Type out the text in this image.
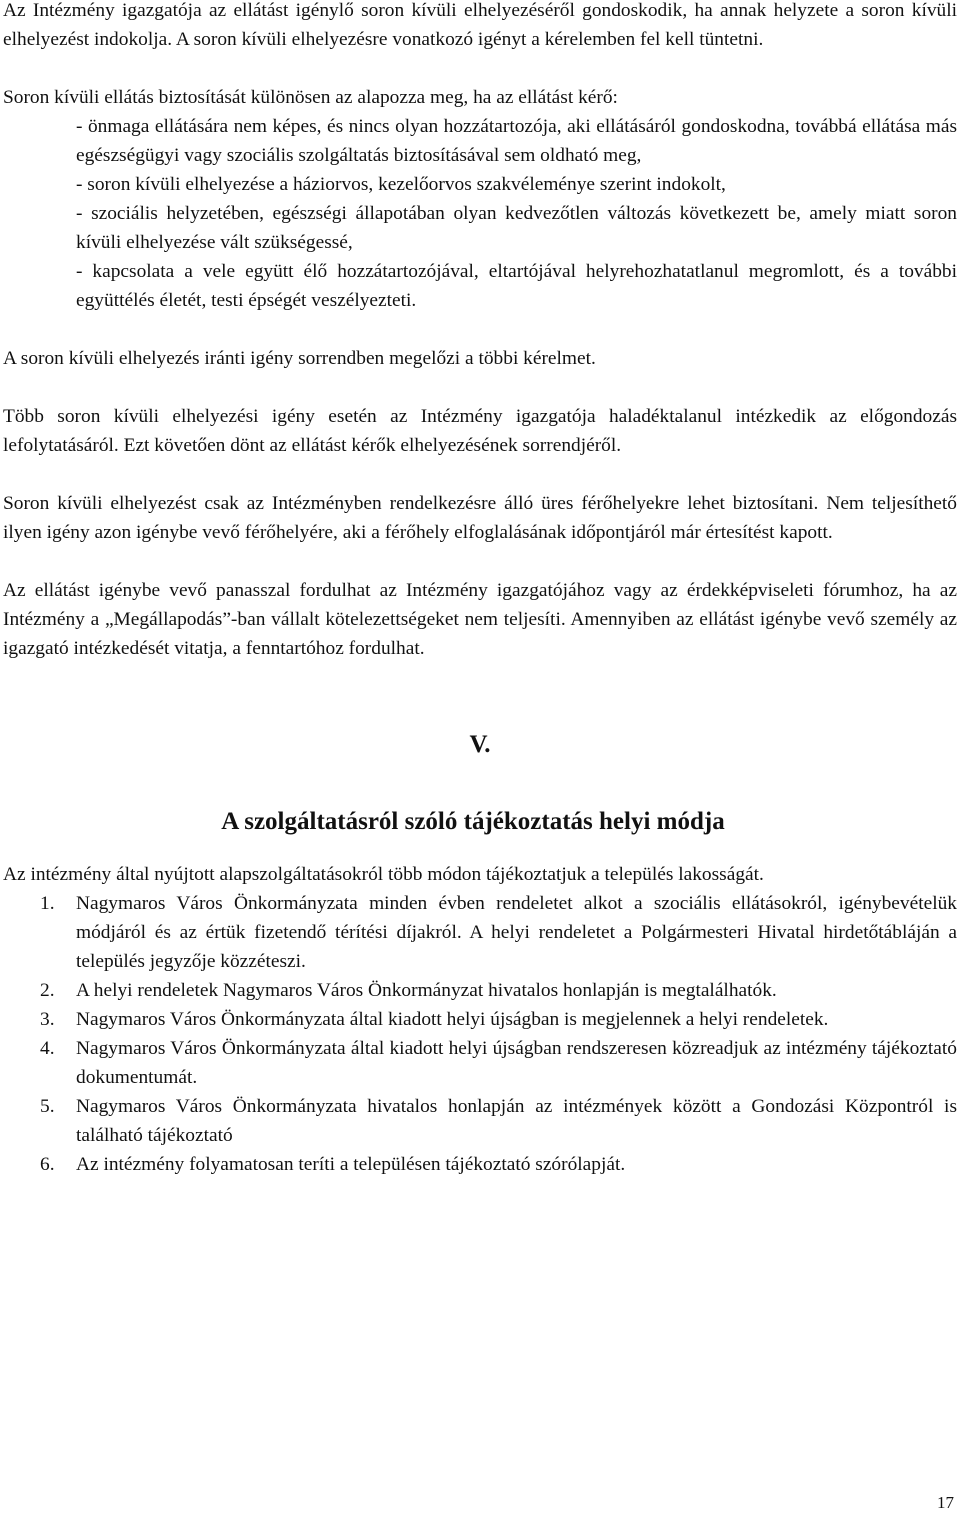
Az Intézmény igazgatója az ellátást igénylő soron kívüli elhelyezéséről gondoskodik, ha annak helyzete a soron kívüli elhelyezést indokolja. A soron kívüli elhelyezésre vonatkozó igényt a kérelemben fel kell tüntetni.

Soron kívüli ellátás biztosítását különösen az alapozza meg, ha az ellátást kérő:

- önmaga ellátására nem képes, és nincs olyan hozzátartozója, aki ellátásáról gondoskodna, továbbá ellátása más egészségügyi vagy szociális szolgáltatás biztosításával sem oldható meg,
- soron kívüli elhelyezése a háziorvos, kezelőorvos szakvéleménye szerint indokolt,
- szociális helyzetében, egészségi állapotában olyan kedvezőtlen változás következett be, amely miatt soron kívüli elhelyezése vált szükségessé,
- kapcsolata a vele együtt élő hozzátartozójával, eltartójával helyrehozhatatlanul megromlott, és a további együttélés életét, testi épségét veszélyezteti.

A soron kívüli elhelyezés iránti igény sorrendben megelőzi a többi kérelmet.

Több soron kívüli elhelyezési igény esetén az Intézmény igazgatója haladéktalanul intézkedik az előgondozás lefolytatásáról. Ezt követően dönt az ellátást kérők elhelyezésének sorrendjéről.

Soron kívüli elhelyezést csak az Intézményben rendelkezésre álló üres férőhelyekre lehet biztosítani. Nem teljesíthető ilyen igény azon igénybe vevő férőhelyére, aki a férőhely elfoglalásának időpontjáról már értesítést kapott.

Az ellátást igénybe vevő panasszal fordulhat az Intézmény igazgatójához vagy az érdekképviseleti fórumhoz, ha az Intézmény a „Megállapodás”-ban vállalt kötelezettségeket nem teljesíti. Amennyiben az ellátást igénybe vevő személy az igazgató intézkedését vitatja, a fenntartóhoz fordulhat.

V.
A szolgáltatásról szóló tájékoztatás helyi módja

Az intézmény által nyújtott alapszolgáltatásokról több módon tájékoztatjuk a település lakosságát.

1. Nagymaros Város Önkormányzata minden évben rendeletet alkot a szociális ellátásokról, igénybevételük módjáról és az értük fizetendő térítési díjakról. A helyi rendeletet a Polgármesteri Hivatal hirdetőtábláján a település jegyzője közzéteszi.
2. A helyi rendeletek Nagymaros Város Önkormányzat hivatalos honlapján is megtalálhatók.
3. Nagymaros Város Önkormányzata által kiadott helyi újságban is megjelennek a helyi rendeletek.
4. Nagymaros Város Önkormányzata által kiadott helyi újságban rendszeresen közreadjuk az intézmény tájékoztató dokumentumát.
5. Nagymaros Város Önkormányzata hivatalos honlapján az intézmények között a Gondozási Központról is található tájékoztató
6. Az intézmény folyamatosan teríti a településen tájékoztató szórólapját.
17
